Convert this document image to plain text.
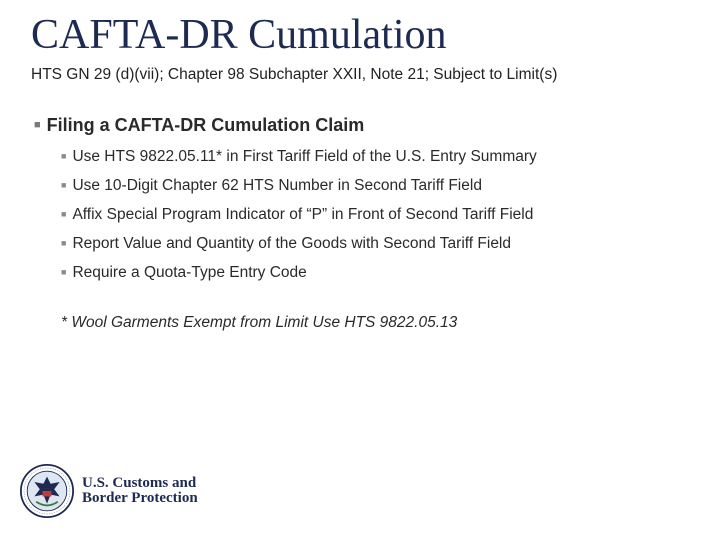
CAFTA-DR Cumulation
HTS GN 29 (d)(vii); Chapter 98 Subchapter XXII, Note 21; Subject to Limit(s)
■ Filing a CAFTA-DR Cumulation Claim
■ Use HTS 9822.05.11* in First Tariff Field of the U.S. Entry Summary
■ Use 10-Digit Chapter 62 HTS Number in Second Tariff Field
■ Affix Special Program Indicator of “P” in Front of Second Tariff Field
■ Report Value and Quantity of the Goods with Second Tariff Field
■ Require a Quota-Type Entry Code
* Wool Garments Exempt from Limit Use HTS 9822.05.13
U.S. Customs and
Border Protection
